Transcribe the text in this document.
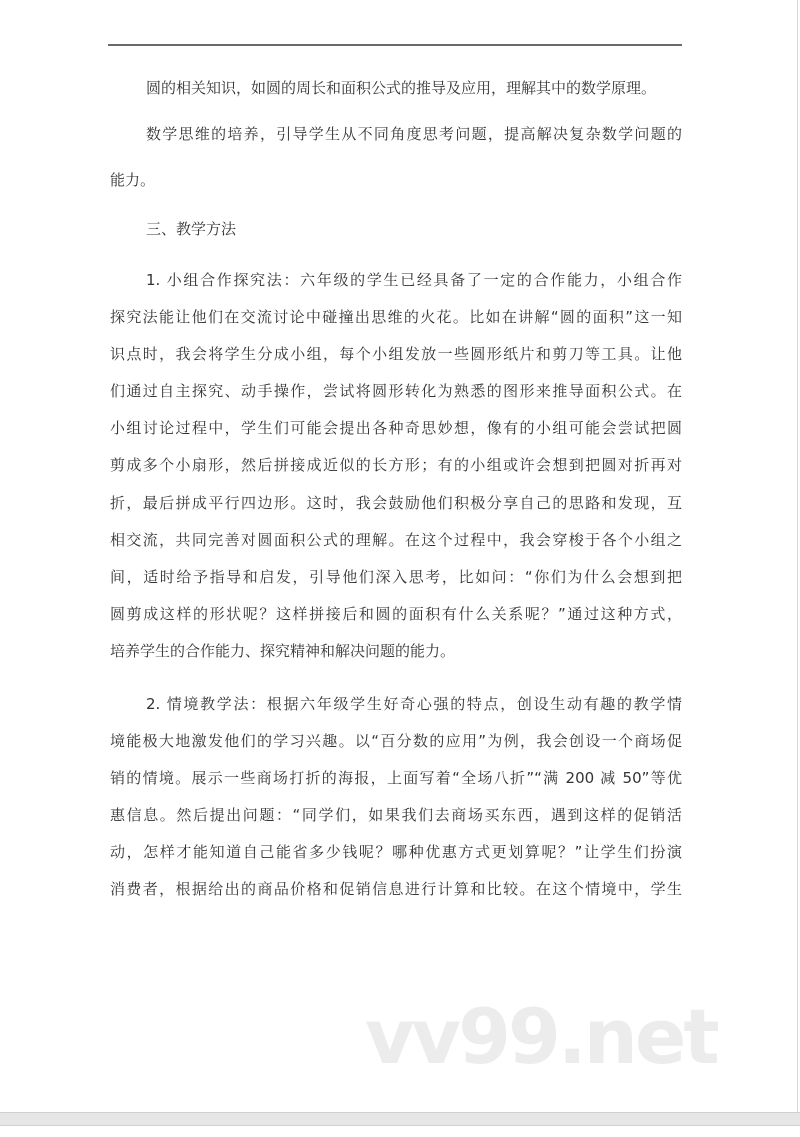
圆的相关知识，如圆的周长和面积公式的推导及应用，理解其中的数学原理。
数学思维的培养，引导学生从不同角度思考问题，提高解决复杂数学问题的
能力。
三、教学方法
1. 小组合作探究法：六年级的学生已经具备了一定的合作能力，小组合作
探究法能让他们在交流讨论中碰撞出思维的火花。比如在讲解“圆的面积”这一知
识点时，我会将学生分成小组，每个小组发放一些圆形纸片和剪刀等工具。让他
们通过自主探究、动手操作，尝试将圆形转化为熟悉的图形来推导面积公式。在
小组讨论过程中，学生们可能会提出各种奇思妙想，像有的小组可能会尝试把圆
剪成多个小扇形，然后拼接成近似的长方形；有的小组或许会想到把圆对折再对
折，最后拼成平行四边形。这时，我会鼓励他们积极分享自己的思路和发现，互
相交流，共同完善对圆面积公式的理解。在这个过程中，我会穿梭于各个小组之
间，适时给予指导和启发，引导他们深入思考，比如问：“你们为什么会想到把
圆剪成这样的形状呢？这样拼接后和圆的面积有什么关系呢？”通过这种方式，
培养学生的合作能力、探究精神和解决问题的能力。
2. 情境教学法：根据六年级学生好奇心强的特点，创设生动有趣的教学情
境能极大地激发他们的学习兴趣。以“百分数的应用”为例，我会创设一个商场促
销的情境。展示一些商场打折的海报，上面写着“全场八折”“满 200 减 50”等优
惠信息。然后提出问题：“同学们，如果我们去商场买东西，遇到这样的促销活
动，怎样才能知道自己能省多少钱呢？哪种优惠方式更划算呢？”让学生们扮演
消费者，根据给出的商品价格和促销信息进行计算和比较。在这个情境中，学生
vv99.net
